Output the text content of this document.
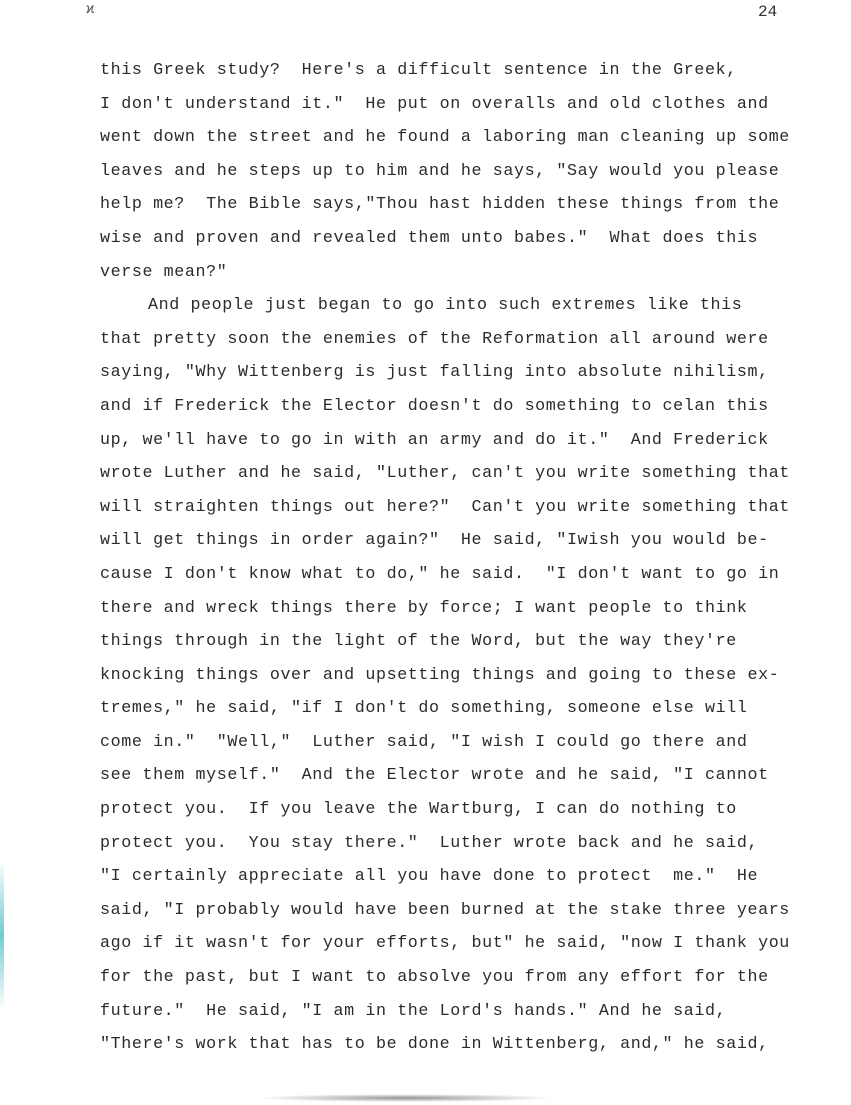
ϰ	24
this Greek study?  Here's a difficult sentence in the Greek,
I don't understand it."  He put on overalls and old clothes and
went down the street and he found a laboring man cleaning up some
leaves and he steps up to him and he says, "Say would you please
help me?  The Bible says,"Thou hast hidden these things from the
wise and proven and revealed them unto babes."  What does this
verse mean?"
And people just began to go into such extremes like this
that pretty soon the enemies of the Reformation all around were
saying, "Why Wittenberg is just falling into absolute nihilism,
and if Frederick the Elector doesn't do something to celan this
up, we'll have to go in with an army and do it."  And Frederick
wrote Luther and he said, "Luther, can't you write something that
will straighten things out here?"  Can't you write something that
will get things in order again?"  He said, "Iwish you would be-
cause I don't know what to do," he said.  "I don't want to go in
there and wreck things there by force; I want people to think
things through in the light of the Word, but the way they're
knocking things over and upsetting things and going to these ex-
tremes," he said, "if I don't do something, someone else will
come in."  "Well,"  Luther said, "I wish I could go there and
see them myself."  And the Elector wrote and he said, "I cannot
protect you.  If you leave the Wartburg, I can do nothing to
protect you.  You stay there."  Luther wrote back and he said,
"I certainly appreciate all you have done to protect  me."  He
said, "I probably would have been burned at the stake three years
ago if it wasn't for your efforts, but" he said, "now I thank you
for the past, but I want to absolve you from any effort for the
future."  He said, "I am in the Lord's hands." And he said,
"There's work that has to be done in Wittenberg, and," he said,
